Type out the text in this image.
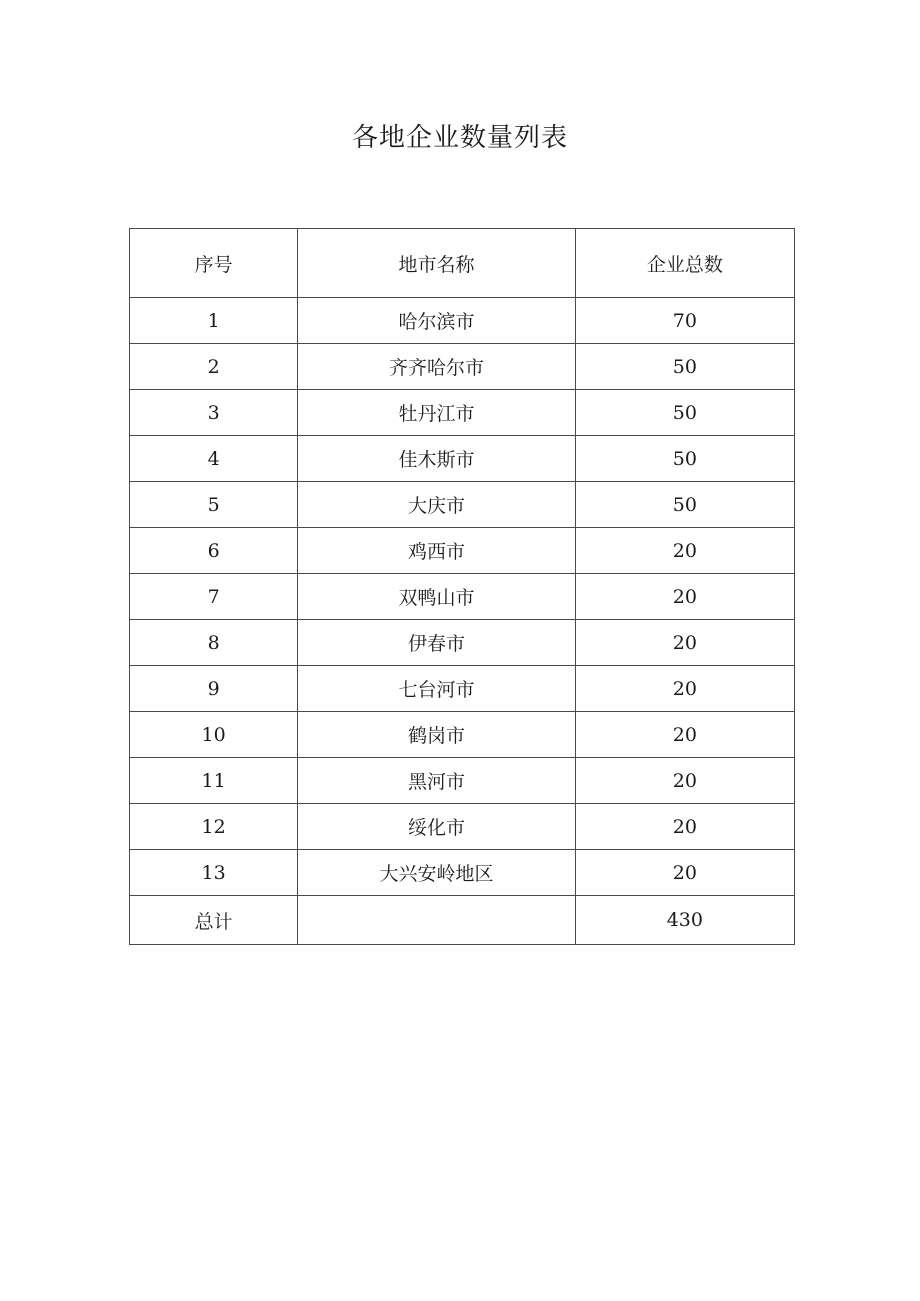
各地企业数量列表
序号	地市名称	企业总数
1	哈尔滨市	70
2	齐齐哈尔市	50
3	牡丹江市	50
4	佳木斯市	50
5	大庆市	50
6	鸡西市	20
7	双鸭山市	20
8	伊春市	20
9	七台河市	20
10	鹤岗市	20
11	黑河市	20
12	绥化市	20
13	大兴安岭地区	20
总计		430
